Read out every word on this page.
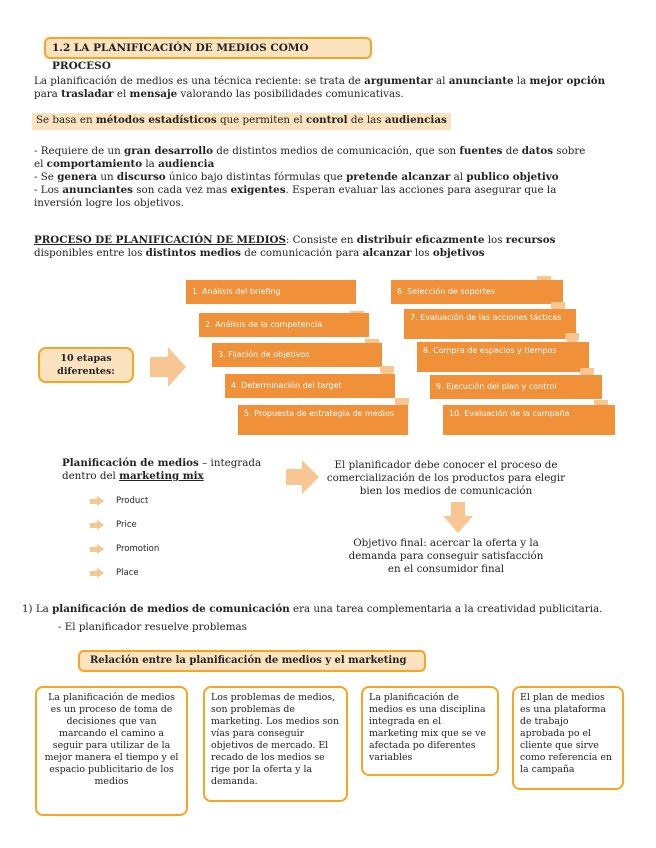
1.2 LA PLANIFICACIÓN DE MEDIOS COMO PROCESO
La planificación de medios es una técnica reciente: se trata de argumentar al anunciante la mejor opción
para trasladar el mensaje valorando las posibilidades comunicativas.
Se basa en métodos estadísticos que permiten el control de las audiencias
- Requiere de un gran desarrollo de distintos medios de comunicación, que son fuentes de datos sobre
el comportamiento la audiencia
- Se genera un discurso único bajo distintas fórmulas que pretende alcanzar al publico objetivo
- Los anunciantes son cada vez mas exigentes. Esperan evaluar las acciones para asegurar que la
inversión logre los objetivos.
PROCESO DE PLANIFICACIÓN DE MEDIOS: Consiste en distribuir eficazmente los recursos
disponibles entre los distintos medios de comunicación para alcanzar los objetivos
10 etapas diferentes:
1. Análisis del briefing
2. Análisis de la competencia
3. Fijación de objetivos
4. Determinación del target
5. Propuesta de estrategia de medios
6. Selección de soportes
7. Evaluación de las acciones tácticas
8. Compra de espacios y tiempos
9. Ejecución del plan y control
10. Evaluación de la campaña
Planificación de medios – integrada
dentro del marketing mix
Product
Price
Promotion
Place
El planificador debe conocer el proceso de comercialización de los productos para elegir bien los medios de comunicación
Objetivo final: acercar la oferta y la demanda para conseguir satisfacción en el consumidor final
1) La planificación de medios de comunicación era una tarea complementaria a la creatividad publicitaria.
- El planificador resuelve problemas
Relación entre la planificación de medios y el marketing
La planificación de medios es un proceso de toma de decisiones que van marcando el camino a seguir para utilizar de la mejor manera el tiempo y el espacio publicitario de los medios
Los problemas de medios, son problemas de marketing. Los medios son vías para conseguir objetivos de mercado. El recado de los medios se rige por la oferta y la demanda.
La planificación de medios es una disciplina integrada en el marketing mix que se ve afectada po diferentes variables
El plan de medios es una plataforma de trabajo aprobada po el cliente que sirve como referencia en la campaña
